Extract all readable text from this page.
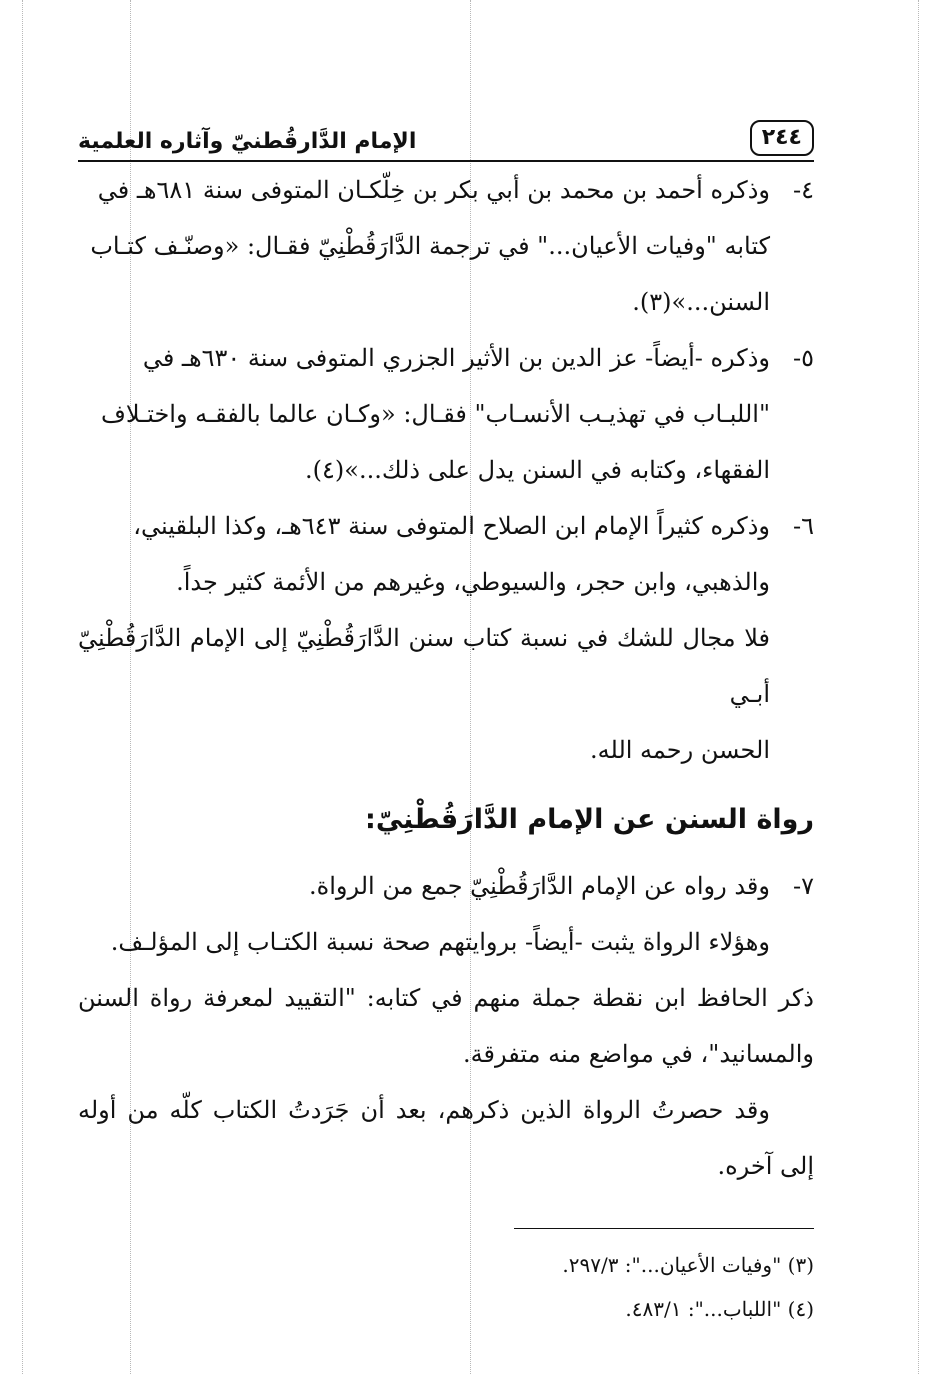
٢٤٤
الإمام الدَّارقُطنيّ وآثاره العلمية
٤-
وذكره أحمد بن محمد بن أبي بكر بن خِلّكـان المتوفى سنة ٦٨١هـ في
كتابه "وفيات الأعيان..." في ترجمة الدَّارَقُطْنِيّ فقـال: «وصنّـف كتـاب
السنن...»(٣).
٥-
وذكره -أيضاً- عز الدين بن الأثير الجزري المتوفى سنة ٦٣٠هـ في
"اللبـاب في تهذيـب الأنسـاب" فقـال: «وكـان عالما بالفقـه واختـلاف
الفقهاء، وكتابه في السنن يدل على ذلك...»(٤).
٦-
وذكره كثيراً الإمام ابن الصلاح المتوفى سنة ٦٤٣هـ، وكذا البلقيني،
والذهبي، وابن حجر، والسيوطي، وغيرهم من الأئمة كثير جداً.
فلا مجال للشك في نسبة كتاب سنن الدَّارَقُطْنِيّ إلى الإمام الدَّارَقُطْنِيّ أبـي
الحسن رحمه الله.
رواة السنن عن الإمام الدَّارَقُطْنِيّ:
٧-
وقد رواه عن الإمام الدَّارَقُطْنِيّ جمع من الرواة.
وهؤلاء الرواة يثبت -أيضاً- بروايتهم صحة نسبة الكتـاب إلى المؤلـف.
ذكر الحافظ ابن نقطة جملة منهم في كتابه: "التقييد لمعرفة رواة السنن والمسانيد"، في مواضع منه متفرقة.
وقد حصرتُ الرواة الذين ذكرهم، بعد أن جَرَدتُ الكتاب كلّه من أوله إلى آخره.
(٣) "وفيات الأعيان...": ٢٩٧/٣.
(٤) "اللباب...": ٤٨٣/١.
